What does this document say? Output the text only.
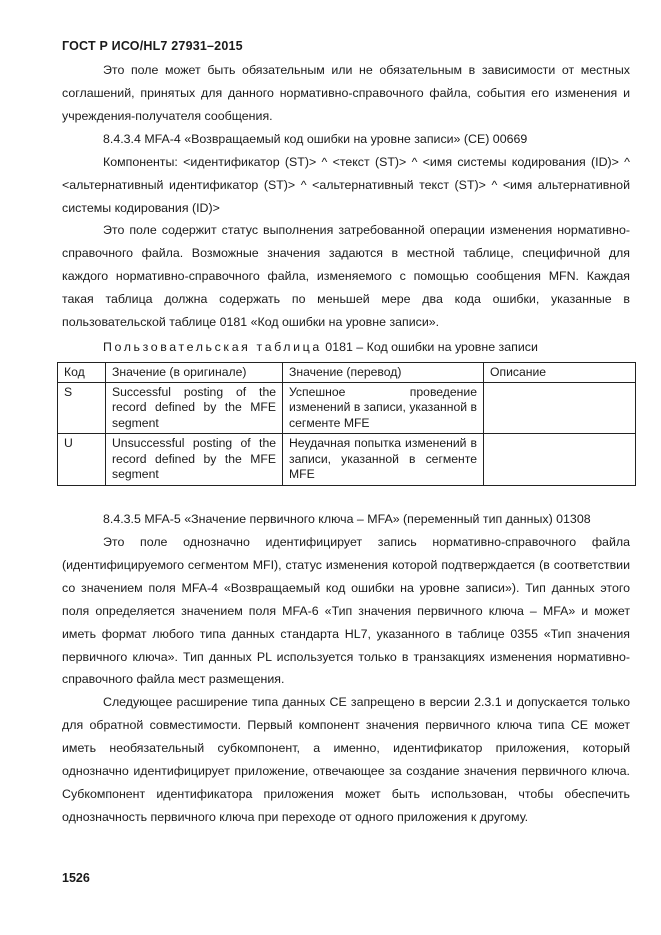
ГОСТ Р ИСО/HL7 27931–2015

Это поле может быть обязательным или не обязательным в зависимости от местных соглашений, принятых для данного нормативно-справочного файла, события его изменения и учреждения-получателя сообщения.

8.4.3.4 MFA-4 «Возвращаемый код ошибки на уровне записи» (CE) 00669

Компоненты: <идентификатор (ST)> ^ <текст (ST)> ^ <имя системы кодирования (ID)> ^ <альтернативный идентификатор (ST)> ^ <альтернативный текст (ST)> ^ <имя альтернативной системы кодирования (ID)>

Это поле содержит статус выполнения затребованной операции изменения нормативно-справочного файла. Возможные значения задаются в местной таблице, специфичной для каждого нормативно-справочного файла, изменяемого с помощью сообщения MFN. Каждая такая таблица должна содержать по меньшей мере два кода ошибки, указанные в пользовательской таблице 0181 «Код ошибки на уровне записи».

Пользовательская таблица 0181 – Код ошибки на уровне записи
Код	Значение (в оригинале)	Значение (перевод)	Описание
S	Successful posting of the record defined by the MFE segment	Успешное проведение изменений в записи, указанной в сегменте MFE	
U	Unsuccessful posting of the record defined by the MFE segment	Неудачная попытка изменений в записи, указанной в сегменте MFE	

8.4.3.5 MFA-5 «Значение первичного ключа – MFA» (переменный тип данных) 01308

Это поле однозначно идентифицирует запись нормативно-справочного файла (идентифицируемого сегментом MFI), статус изменения которой подтверждается (в соответствии со значением поля MFA-4 «Возвращаемый код ошибки на уровне записи»). Тип данных этого поля определяется значением поля MFA-6 «Тип значения первичного ключа – MFA» и может иметь формат любого типа данных стандарта HL7, указанного в таблице 0355 «Тип значения первичного ключа». Тип данных PL используется только в транзакциях изменения нормативно-справочного файла мест размещения.

Следующее расширение типа данных CE запрещено в версии 2.3.1 и допускается только для обратной совместимости. Первый компонент значения первичного ключа типа CE может иметь необязательный субкомпонент, а именно, идентификатор приложения, который однозначно идентифицирует приложение, отвечающее за создание значения первичного ключа. Субкомпонент идентификатора приложения может быть использован, чтобы обеспечить однозначность первичного ключа при переходе от одного приложения к другому.

1526
